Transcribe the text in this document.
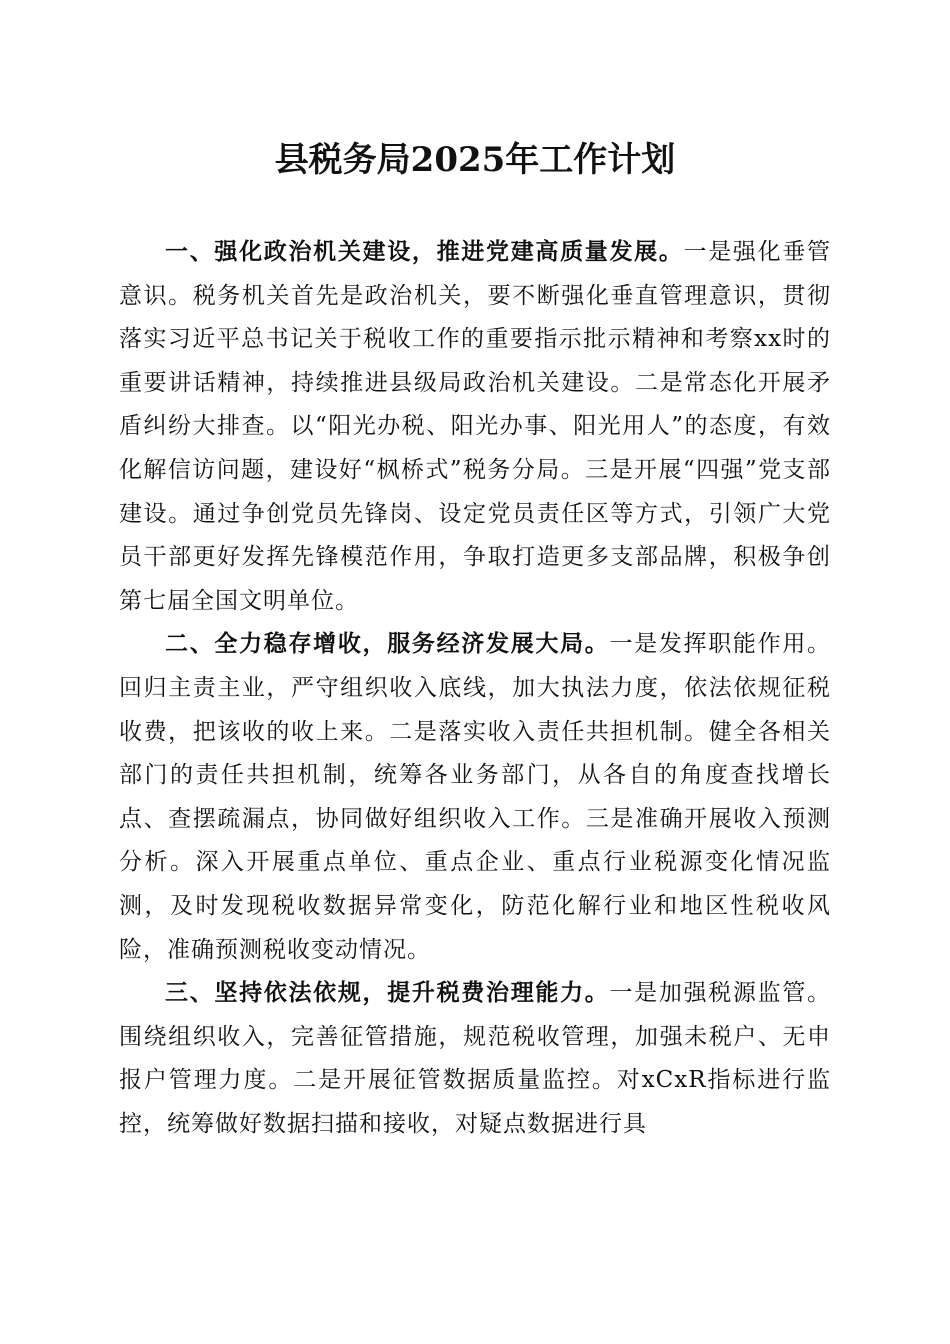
县税务局2025年工作计划

一、强化政治机关建设，推进党建高质量发展。一是强化垂管意识。税务机关首先是政治机关，要不断强化垂直管理意识，贯彻落实习近平总书记关于税收工作的重要指示批示精神和考察xx时的重要讲话精神，持续推进县级局政治机关建设。二是常态化开展矛盾纠纷大排查。以“阳光办税、阳光办事、阳光用人”的态度，有效化解信访问题，建设好“枫桥式”税务分局。三是开展“四强”党支部建设。通过争创党员先锋岗、设定党员责任区等方式，引领广大党员干部更好发挥先锋模范作用，争取打造更多支部品牌，积极争创第七届全国文明单位。

二、全力稳存增收，服务经济发展大局。一是发挥职能作用。回归主责主业，严守组织收入底线，加大执法力度，依法依规征税收费，把该收的收上来。二是落实收入责任共担机制。健全各相关部门的责任共担机制，统筹各业务部门，从各自的角度查找增长点、查摆疏漏点，协同做好组织收入工作。三是准确开展收入预测分析。深入开展重点单位、重点企业、重点行业税源变化情况监测，及时发现税收数据异常变化，防范化解行业和地区性税收风险，准确预测税收变动情况。

三、坚持依法依规，提升税费治理能力。一是加强税源监管。围绕组织收入，完善征管措施，规范税收管理，加强未税户、无申报户管理力度。二是开展征管数据质量监控。对xCxR指标进行监控，统筹做好数据扫描和接收，对疑点数据进行具
